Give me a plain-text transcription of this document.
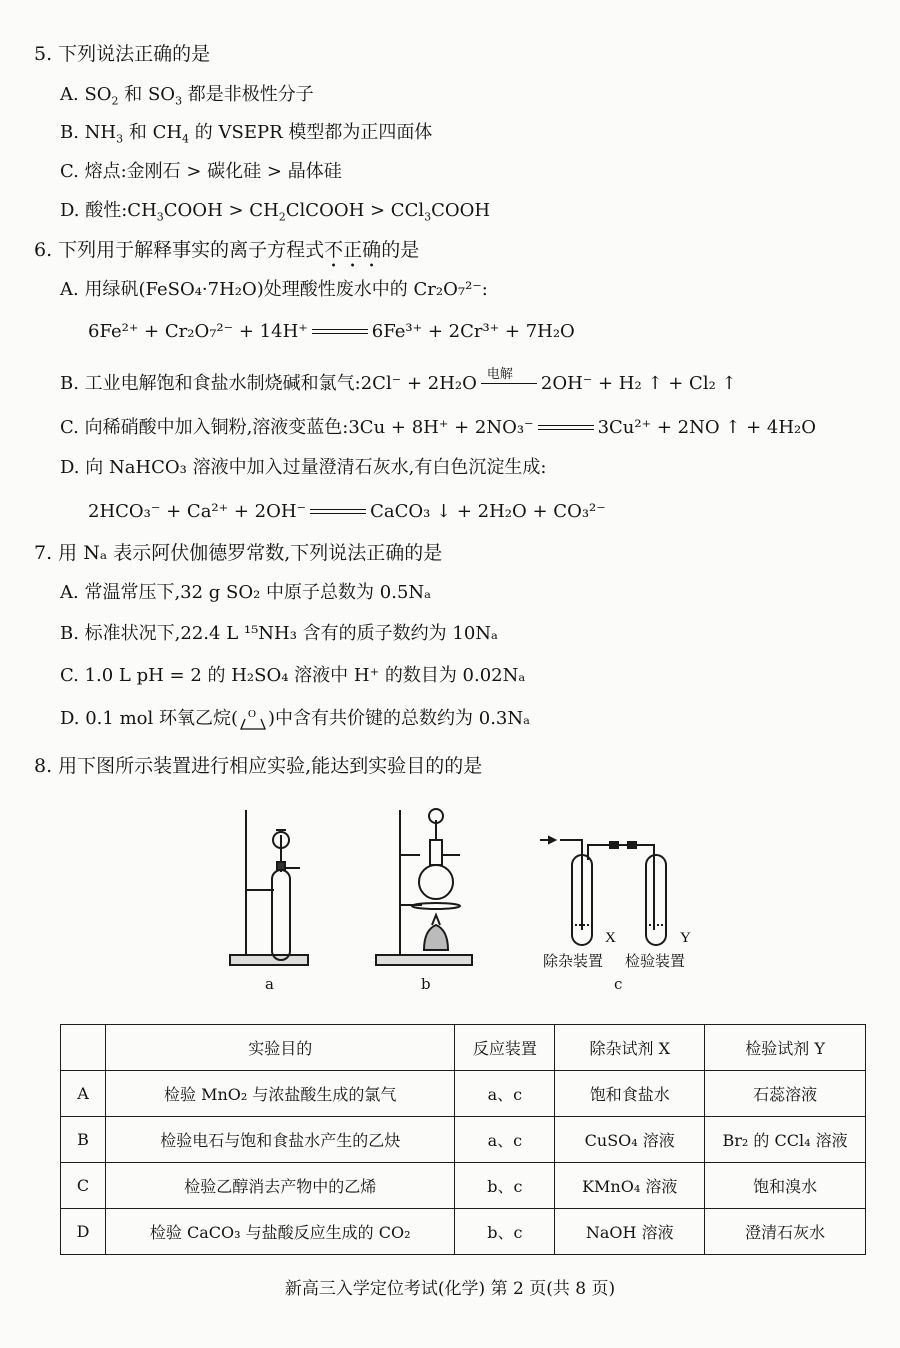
5. 下列说法正确的是
A. $SO_2$ 和 $SO_3$ 都是非极性分子
B. $NH_3$ 和 $CH_4$ 的 VSEPR 模型都为正四面体
C. 熔点:金刚石 > 碳化硅 > 晶体硅
D. 酸性$:CH_3COOH$ > $CH_2ClCOOH$ > CCl$_3$COOH
6. 下列用于解释事实的离子方程式不正确的是
A. 用绿矾(FeSO₄·7H₂O)处理酸性废水中的 Cr₂O₇²⁻:
6Fe²⁺ + Cr₂O₇²⁻ + 14H⁺	6Fe³⁺ + 2Cr³⁺ + 7H₂O
B. 工业电解饱和食盐水制烧碱和氯气:2Cl⁻ + 2H₂O 电解 2OH⁻ + H₂ ↑ + Cl₂ ↑
C. 向稀硝酸中加入铜粉,溶液变蓝色:3Cu + 8H⁺ + 2NO₃⁻	3Cu²⁺ + 2NO ↑ + 4H₂O
D. 向 NaHCO₃ 溶液中加入过量澄清石灰水,有白色沉淀生成:
2HCO₃⁻ + Ca²⁺ + 2OH⁻	CaCO₃ ↓ + 2H₂O + CO₃²⁻
7. 用 Nₐ 表示阿伏伽德罗常数,下列说法正确的是
A. 常温常压下,32 g SO₂ 中原子总数为 0.5Nₐ
B. 标准状况下,22.4 L ¹⁵NH₃ 含有的质子数约为 10Nₐ
C. 1.0 L pH = 2 的 H₂SO₄ 溶液中 H⁺ 的数目为 0.02Nₐ
D. 0.1 mol 环氧乙烷( O )中含有共价键的总数约为 0.3Nₐ
8. 用下图所示装置进行相应实验,能达到实验目的的是
X	Y
除杂装置 检验装置
a	b	c
	实验目的	反应装置	除杂试剂 X	检验试剂 Y
A	检验 MnO₂ 与浓盐酸生成的氯气	a、c	饱和食盐水	石蕊溶液
B	检验电石与饱和食盐水产生的乙炔	a、c	CuSO₄ 溶液	Br₂ 的 CCl₄ 溶液
C	检验乙醇消去产物中的乙烯	b、c	KMnO₄ 溶液	饱和溴水
D	检验 CaCO₃ 与盐酸反应生成的 CO₂	b、c	NaOH 溶液	澄清石灰水
新高三入学定位考试(化学) 第 2 页(共 8 页)
